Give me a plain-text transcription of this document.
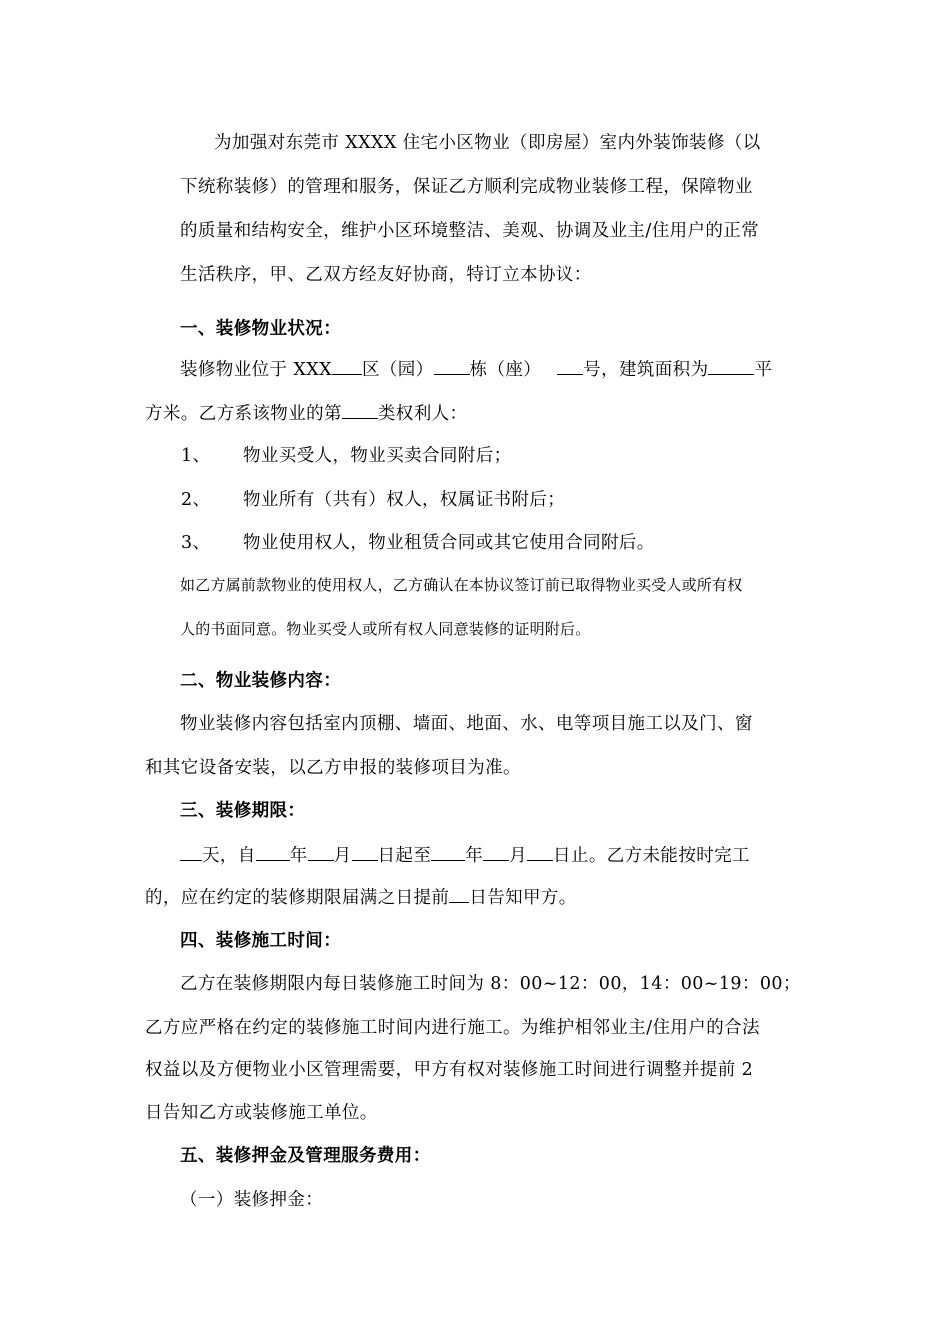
为加强对东莞市 XXXX 住宅小区物业（即房屋）室内外装饰装修（以
下统称装修）的管理和服务，保证乙方顺利完成物业装修工程，保障物业
的质量和结构安全，维护小区环境整洁、美观、协调及业主/住用户的正常
生活秩序，甲、乙双方经友好协商，特订立本协议：
一、装修物业状况：
装修物业位于 XXX 区（园） 栋（座） 号，建筑面积为	平
方米。乙方系该物业的第 类权利人：
1、 物业买受人，物业买卖合同附后；
2、 物业所有（共有）权人，权属证书附后；
3、 物业使用权人，物业租赁合同或其它使用合同附后。
如乙方属前款物业的使用权人，乙方确认在本协议签订前已取得物业买受人或所有权
人的书面同意。物业买受人或所有权人同意装修的证明附后。
二、物业装修内容：
物业装修内容包括室内顶棚、墙面、地面、水、电等项目施工以及门、窗
和其它设备安装，以乙方申报的装修项目为准。
三、装修期限：
天，自 年 月 日起至 年 月 日止。乙方未能按时完工
的，应在约定的装修期限届满之日提前 日告知甲方。
四、装修施工时间：
乙方在装修期限内每日装修施工时间为 8：00~12：00，14：00~19：00；
乙方应严格在约定的装修施工时间内进行施工。为维护相邻业主/住用户的合法
权益以及方便物业小区管理需要，甲方有权对装修施工时间进行调整并提前 2
日告知乙方或装修施工单位。
五、装修押金及管理服务费用：
（一）装修押金：
